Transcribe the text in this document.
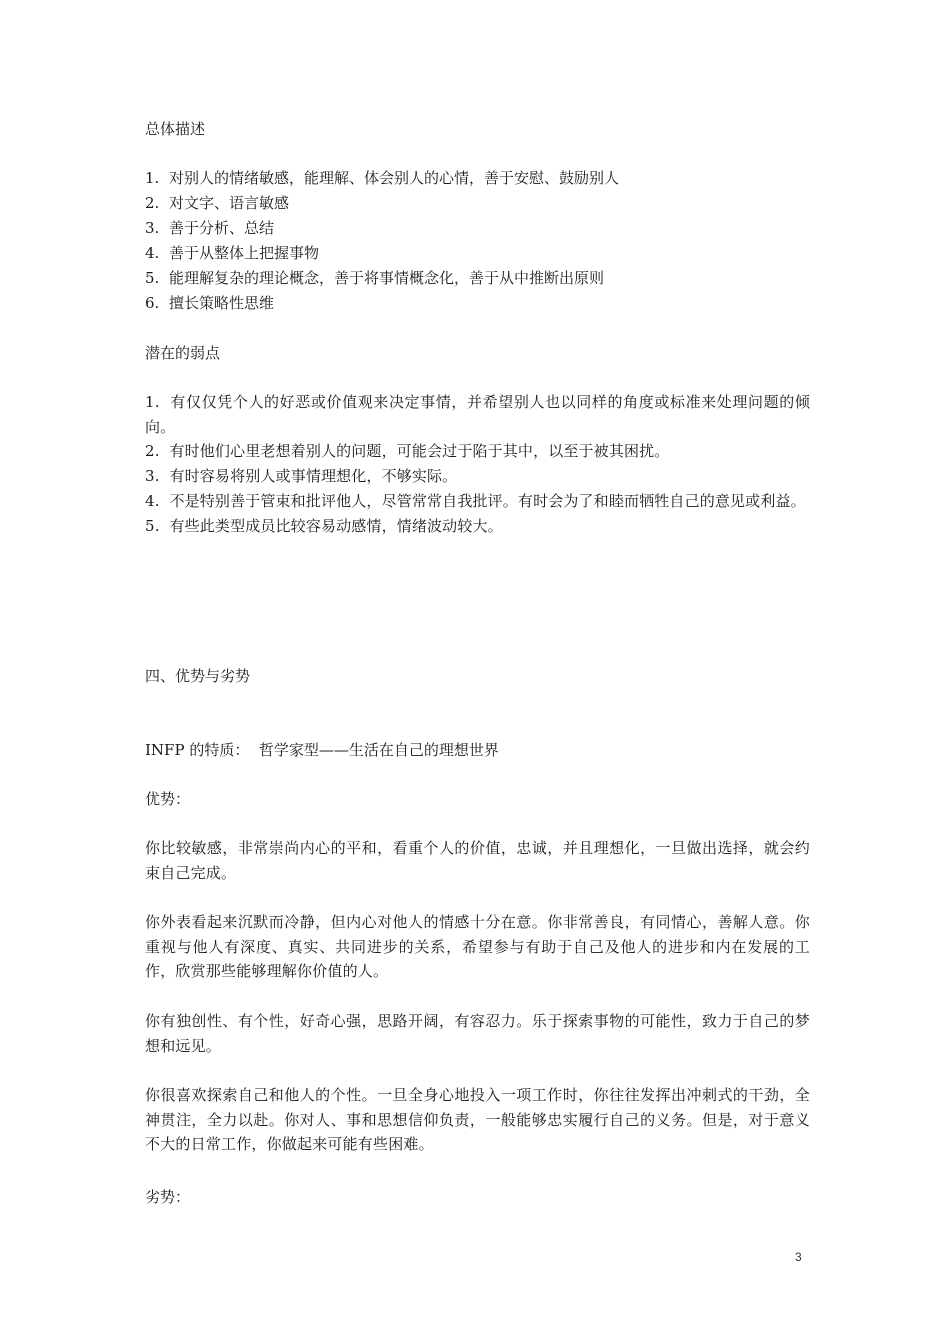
总体描述
1. 对别人的情绪敏感，能理解、体会别人的心情，善于安慰、鼓励别人
2. 对文字、语言敏感
3. 善于分析、总结
4. 善于从整体上把握事物
5. 能理解复杂的理论概念，善于将事情概念化，善于从中推断出原则
6. 擅长策略性思维
潜在的弱点
1. 有仅仅凭个人的好恶或价值观来决定事情，并希望别人也以同样的角度或标准来处理问题的倾向。
2. 有时他们心里老想着别人的问题，可能会过于陷于其中，以至于被其困扰。
3. 有时容易将别人或事情理想化，不够实际。
4. 不是特别善于管束和批评他人，尽管常常自我批评。有时会为了和睦而牺牲自己的意见或利益。
5. 有些此类型成员比较容易动感情，情绪波动较大。
四、优势与劣势
INFP 的特质：  哲学家型——生活在自己的理想世界
优势：
你比较敏感，非常崇尚内心的平和，看重个人的价值，忠诚，并且理想化，一旦做出选择，就会约束自己完成。
你外表看起来沉默而冷静，但内心对他人的情感十分在意。你非常善良，有同情心，善解人意。你重视与他人有深度、真实、共同进步的关系，希望参与有助于自己及他人的进步和内在发展的工作，欣赏那些能够理解你价值的人。
你有独创性、有个性，好奇心强，思路开阔，有容忍力。乐于探索事物的可能性，致力于自己的梦想和远见。
你很喜欢探索自己和他人的个性。一旦全身心地投入一项工作时，你往往发挥出冲刺式的干劲，全神贯注，全力以赴。你对人、事和思想信仰负责，一般能够忠实履行自己的义务。但是，对于意义不大的日常工作，你做起来可能有些困难。
劣势：
3
